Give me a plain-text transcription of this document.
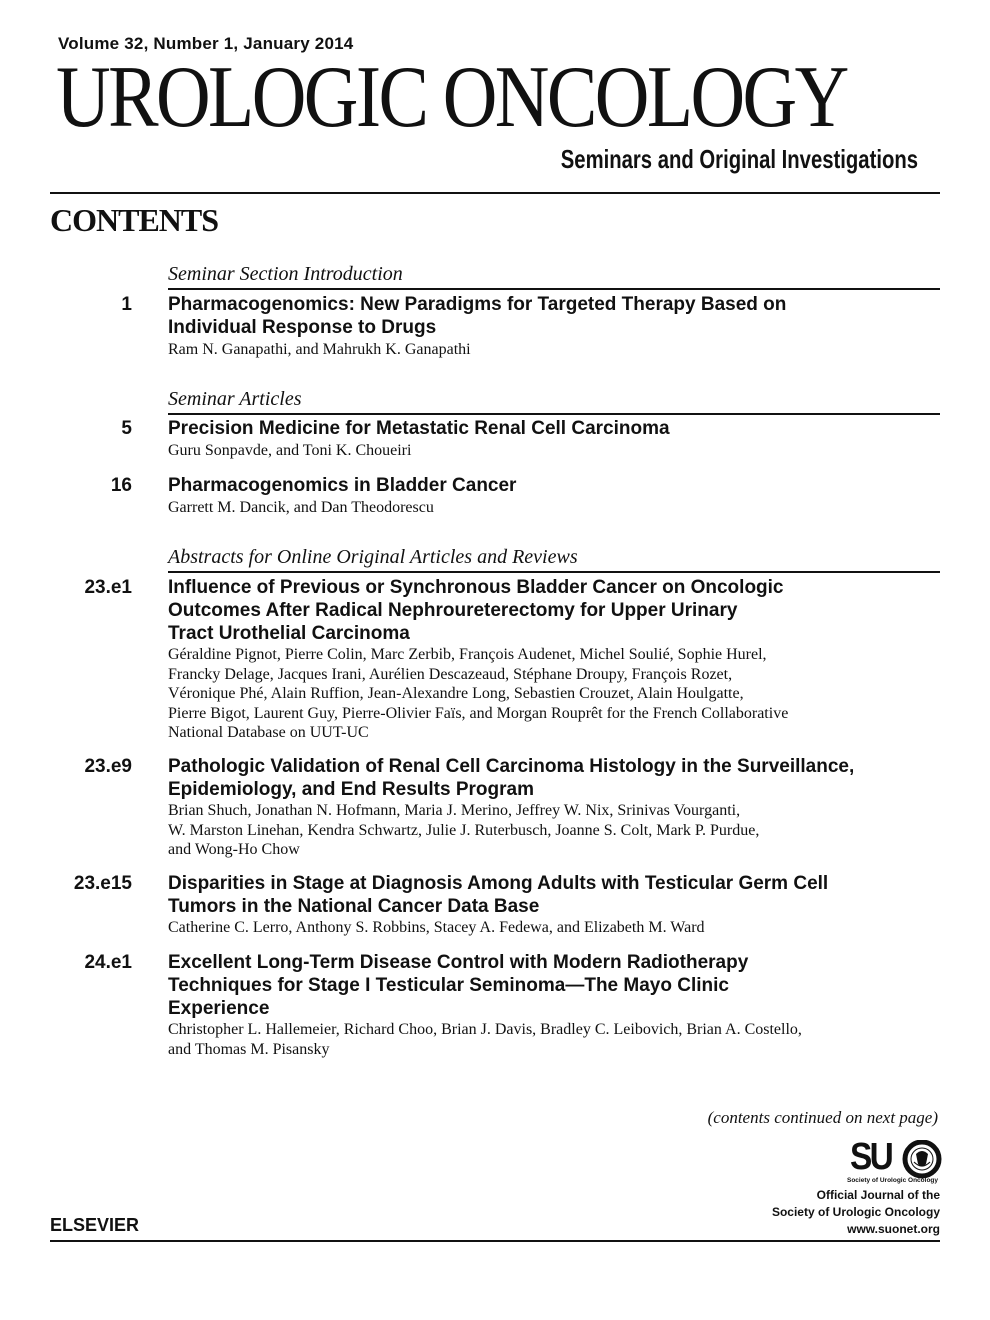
Volume 32, Number 1, January 2014
UROLOGIC ONCOLOGY
Seminars and Original Investigations
CONTENTS
Seminar Section Introduction
1 Pharmacogenomics: New Paradigms for Targeted Therapy Based on
Individual Response to Drugs
Ram N. Ganapathi, and Mahrukh K. Ganapathi
Seminar Articles
5 Precision Medicine for Metastatic Renal Cell Carcinoma
Guru Sonpavde, and Toni K. Choueiri
16 Pharmacogenomics in Bladder Cancer
Garrett M. Dancik, and Dan Theodorescu
Abstracts for Online Original Articles and Reviews
23.e1 Influence of Previous or Synchronous Bladder Cancer on Oncologic
Outcomes After Radical Nephroureterectomy for Upper Urinary
Tract Urothelial Carcinoma
Géraldine Pignot, Pierre Colin, Marc Zerbib, François Audenet, Michel Soulié, Sophie Hurel,
Francky Delage, Jacques Irani, Aurélien Descazeaud, Stéphane Droupy, François Rozet,
Véronique Phé, Alain Ruffion, Jean-Alexandre Long, Sebastien Crouzet, Alain Houlgatte,
Pierre Bigot, Laurent Guy, Pierre-Olivier Faïs, and Morgan Rouprêt for the French Collaborative
National Database on UUT-UC
23.e9 Pathologic Validation of Renal Cell Carcinoma Histology in the Surveillance,
Epidemiology, and End Results Program
Brian Shuch, Jonathan N. Hofmann, Maria J. Merino, Jeffrey W. Nix, Srinivas Vourganti,
W. Marston Linehan, Kendra Schwartz, Julie J. Ruterbusch, Joanne S. Colt, Mark P. Purdue,
and Wong-Ho Chow
23.e15 Disparities in Stage at Diagnosis Among Adults with Testicular Germ Cell
Tumors in the National Cancer Data Base
Catherine C. Lerro, Anthony S. Robbins, Stacey A. Fedewa, and Elizabeth M. Ward
24.e1 Excellent Long-Term Disease Control with Modern Radiotherapy
Techniques for Stage I Testicular Seminoma—The Mayo Clinic
Experience
Christopher L. Hallemeier, Richard Choo, Brian J. Davis, Bradley C. Leibovich, Brian A. Costello,
and Thomas M. Pisansky
(contents continued on next page)
SU
Society of Urologic Oncology
Official Journal of the
Society of Urologic Oncology
www.suonet.org
ELSEVIER
